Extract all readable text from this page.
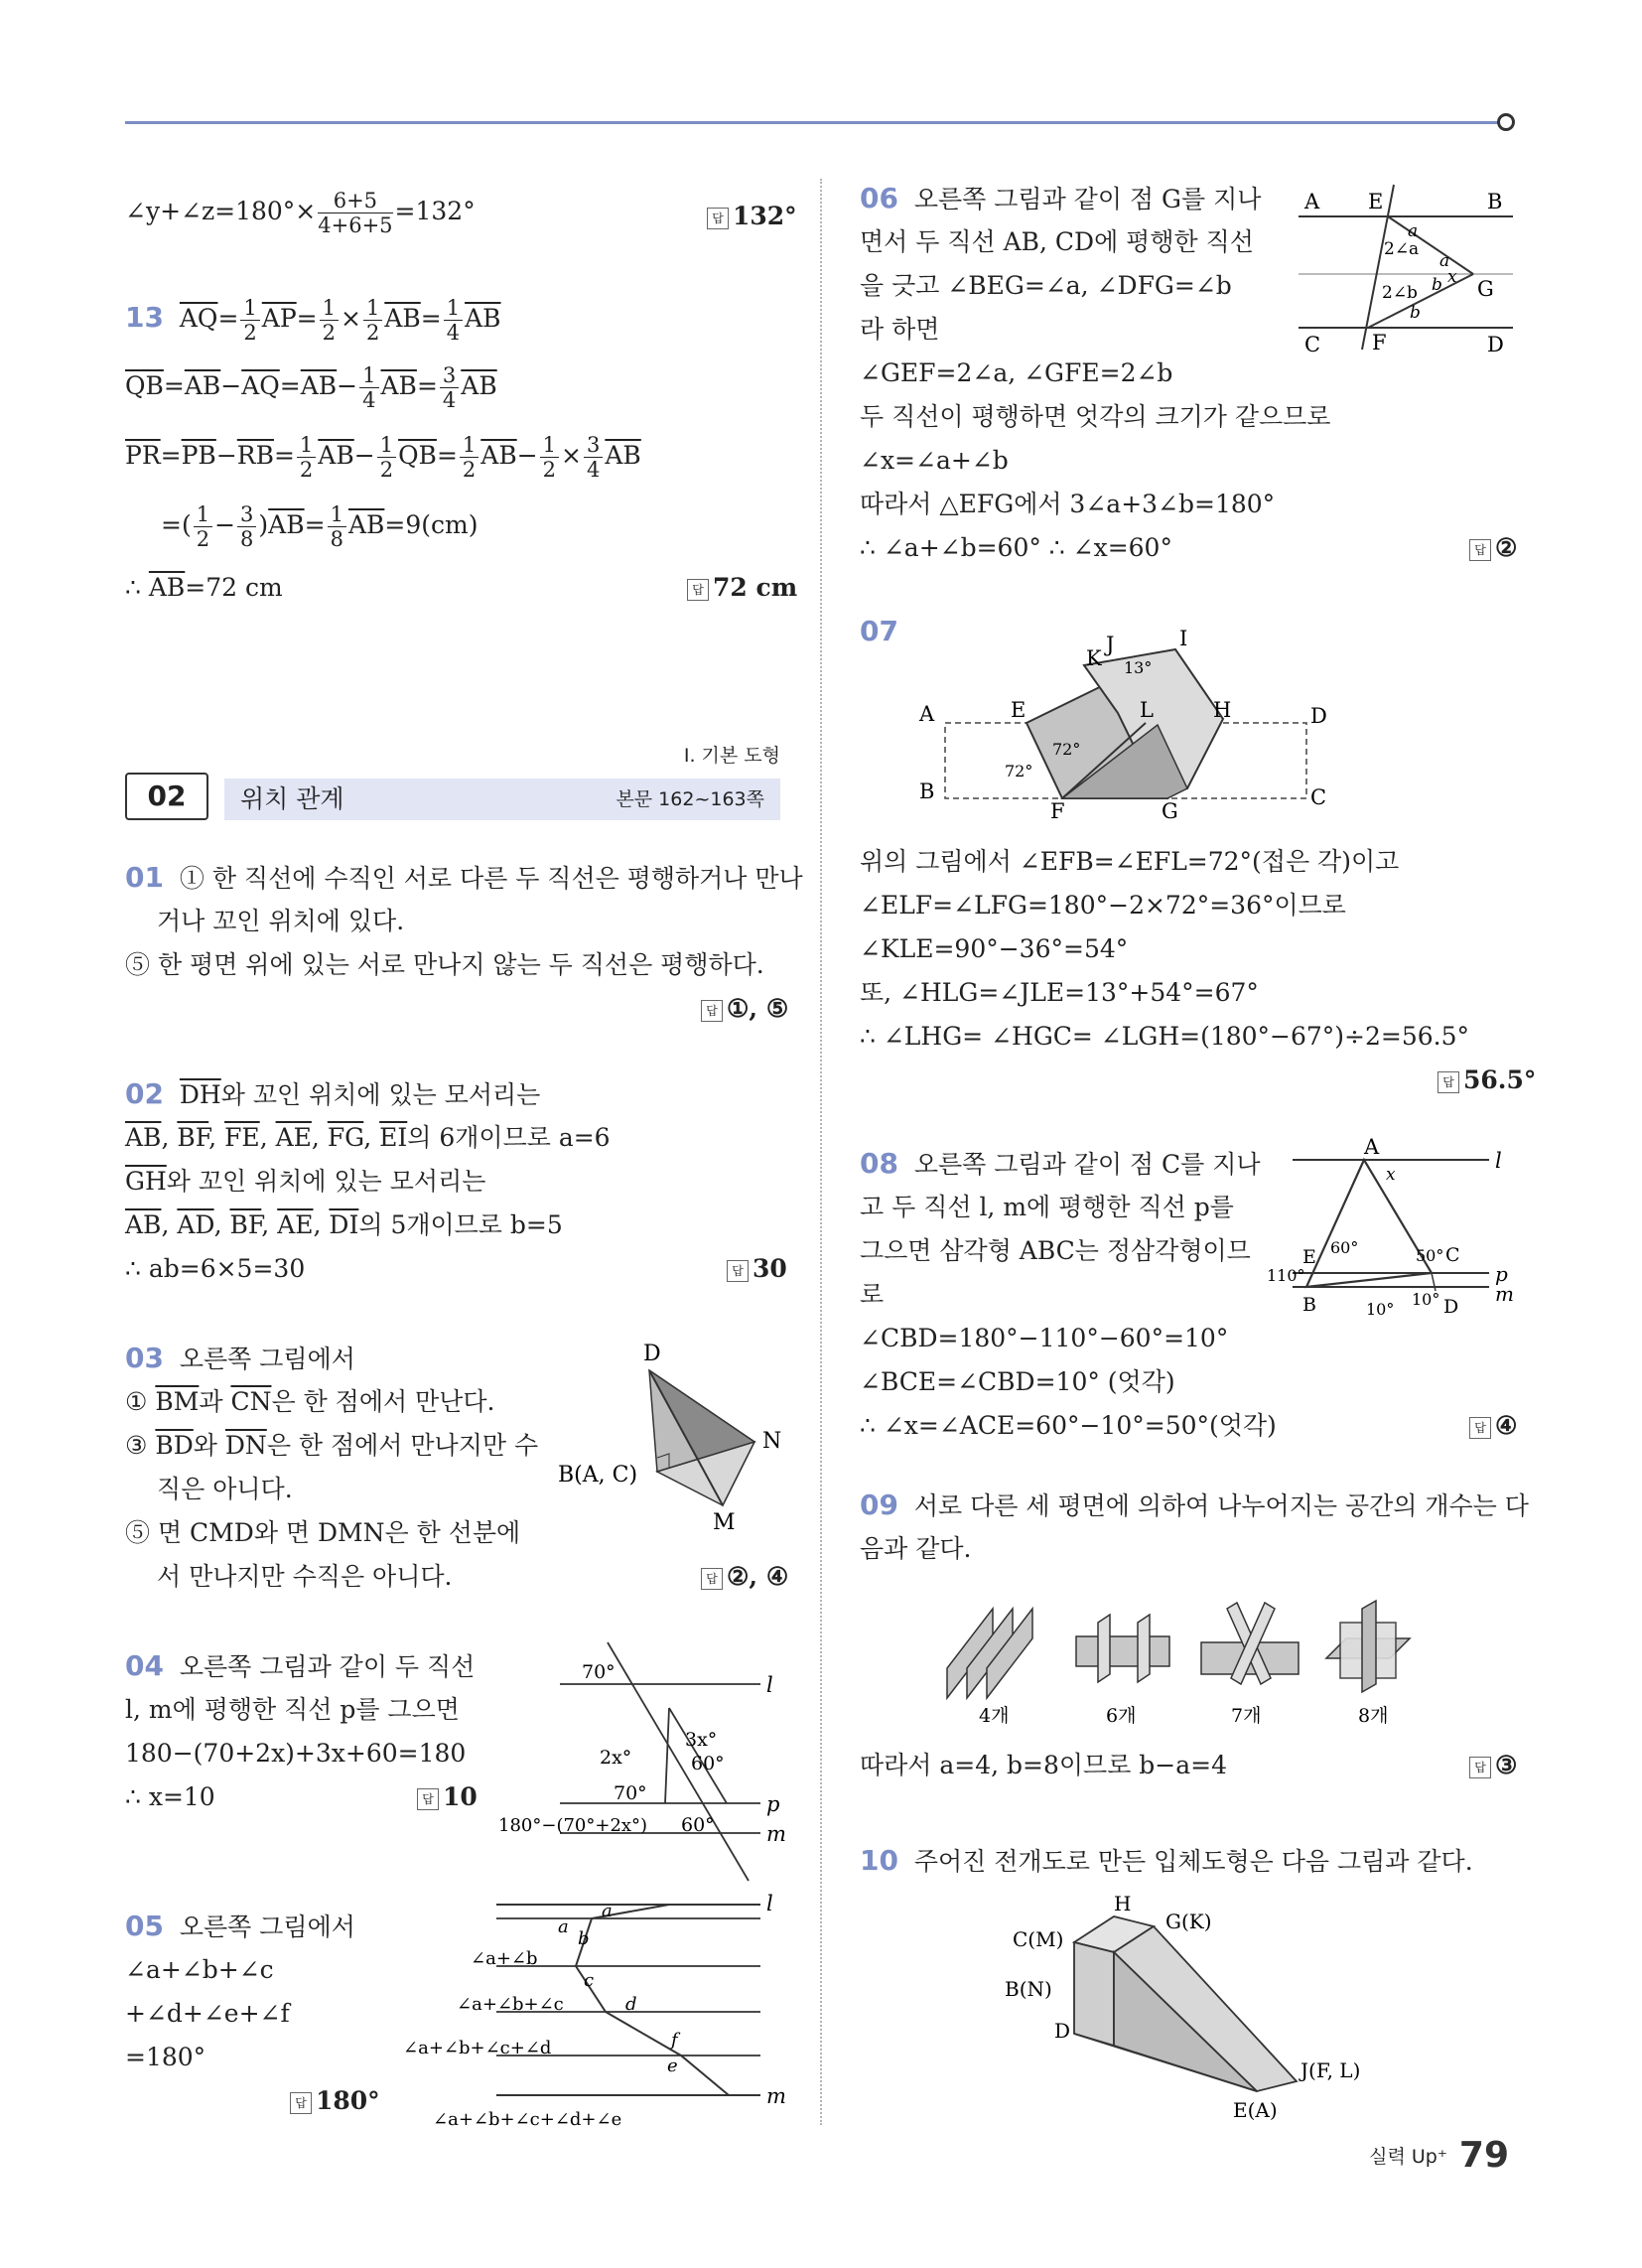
∠y+∠z=180°× $\frac{6+5}{4+6+5} =132^\circ$	답 132°
13 $\overline{AQ}= \frac{1}{2} \overline{AP}= \frac{1}{2} \times \frac{1}{2} \overline{AB}= \frac{1}{4} \overline{AB}$
$\overline{QB}=\overline{AB}-\overline{AQ}=\overline{AB}- \frac{1}{4} \overline{AB}= \frac{3}{4} \overline{AB}$
$\overline{PR}=\overline{PB}-\overline{RB}= \frac{1}{2} \overline{AB}- \frac{1}{2} \overline{QB}= \frac{1}{2} \overline{AB}- \frac{1}{2} \times \frac{3}{4} \overline{AB}$
=( $\frac{1}{2} - \frac{3}{8} )\overline{AB}= \frac{1}{8} \overline{AB}=9(cm)$
∴ $\overline{AB}=72$ cm	답 72 cm
Ⅰ. 기본 도형
02	위치 관계	본문 162~163쪽
01 ① 한 직선에 수직인 서로 다른 두 직선은 평행하거나 만나
거나 꼬인 위치에 있다.
⑤ 한 평면 위에 있는 서로 만나지 않는 두 직선은 평행하다.
답 ①, ⑤
02 $\overline{DH}$와 꼬인 위치에 있는 모서리는
$\overline{AB}$, $\overline{BF}$, $\overline{FE}$, $\overline{AE}$, $\overline{FG}$, $\overline{EI}$의 6개이므로 a=6
$\overline{GH}$와 꼬인 위치에 있는 모서리는
$\overline{AB}$, $\overline{AD}$, $\overline{BF}$, $\overline{AE}$, $\overline{DI}$의 5개이므로 b=5
∴ ab=6×5=30	답 30
03 오른쪽 그림에서
① $\overline{BM}$과 $\overline{CN}$은 한 점에서 만난다.
③ $\overline{BD}$와 $\overline{DN}$은 한 점에서 만나지만 수
직은 아니다.
⑤ 면 CMD와 면 DMN은 한 선분에
서 만나지만 수직은 아니다.	답 ②, ④
04 오른쪽 그림과 같이 두 직선
l, m에 평행한 직선 p를 그으면
180−(70+2x)+3x+60=180
∴ x=10	답 10
05 오른쪽 그림에서
∠a+∠b+∠c
+∠d+∠e+∠f
=180°
답 180°
D
N
B(A, C)
M
70°
l
2x°
3x°
60°
70°	p
180°−(70°+2x°) 60° m
l
m
a
a
b
∠a+∠b
c
∠a+∠b+∠c	d
∠a+∠b+∠c+∠d
e
f
∠a+∠b+∠c+∠d+∠e
06 오른쪽 그림과 같이 점 G를 지나
면서 두 직선 AB, CD에 평행한 직선
을 긋고 ∠BEG=∠a, ∠DFG=∠b
라 하면
∠GEF=2∠a, ∠GFE=2∠b
두 직선이 평행하면 엇각의 크기가 같으므로
∠x=∠a+∠b
따라서 △EFG에서 3∠a+3∠b=180°
∴ ∠a+∠b=60° ∴ ∠x=60°	답 ②
07
위의 그림에서 ∠EFB=∠EFL=72°(접은 각)이고
∠ELF=∠LFG=180°−2×72°=36°이므로
∠KLE=90°−36°=54°
또, ∠HLG=∠JLE=13°+54°=67°
∴ ∠LHG= ∠HGC= ∠LGH=(180°−67°)÷2=56.5°
답 56.5°
08 오른쪽 그림과 같이 점 C를 지나
고 두 직선 l, m에 평행한 직선 p를
그으면 삼각형 ABC는 정삼각형이므
로
∠CBD=180°−110°−60°=10°
∠BCE=∠CBD=10° (엇각)
∴ ∠x=∠ACE=60°−10°=50°(엇각)	답 ④
09 서로 다른 세 평면에 의하여 나누어지는 공간의 개수는 다
음과 같다.
따라서 a=4, b=8이므로 b−a=4	답 ③
10 주어진 전개도로 만든 입체도형은 다음 그림과 같다.
A E	B
a
2∠a
a
x
2∠b b
b
G
C F	D
I
J
K 13°
A	E	L	H	D
72°
72°
B
F	G
C
A
x
l
E 60°	50° C
p
110°
m
B	10°
10° D
4개	6개	7개	8개
H
G(K)
C(M)
B(N)
D
J(F, L)
E(A)
실력 Up⁺ 79
